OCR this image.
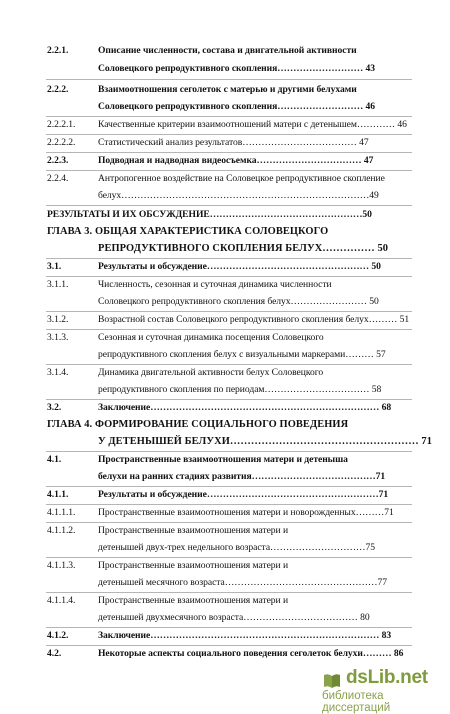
2.2.1.	Описание численности, состава и двигательной активности
Соловецкого репродуктивного скопления……………………… 43
2.2.2.	Взаимоотношения сеголеток с матерью и другими белухами
Соловецкого репродуктивного скопления……………………… 46
2.2.2.1. Качественные критерии взаимоотношений матери с детенышем………… 46
2.2.2.2. Статистический анализ результатов……………………………… 47
2.2.3.	Подводная и надводная видеосъемка…………………………… 47
2.2.4.	Антропогенное воздействие на Соловецкое репродуктивное скопление
белух……………………………………………………………………49
РЕЗУЛЬТАТЫ И ИХ ОБСУЖДЕНИЕ…………………………………………50
ГЛАВА 3. ОБЩАЯ ХАРАКТЕРИСТИКА СОЛОВЕЦКОГО
РЕПРОДУКТИВНОГО СКОПЛЕНИЯ БЕЛУХ…………… 50
3.1.	Результаты и обсуждение…………………………………………… 50
3.1.1.	Численность, сезонная и суточная динамика численности
Соловецкого репродуктивного скопления белух…………………… 50
3.1.2.	Возрастной состав Соловецкого репродуктивного скопления белух……… 51
3.1.3.	Сезонная и суточная динамика посещения Соловецкого
репродуктивного скопления белух с визуальными маркерами……… 57
3.1.4.	Динамика двигательной активности белух Соловецкого
репродуктивного скопления по периодам…………………………… 58
3.2.	Заключение……………………………………………………………… 68
ГЛАВА 4. ФОРМИРОВАНИЕ СОЦИАЛЬНОГО ПОВЕДЕНИЯ
У ДЕТЕНЫШЕЙ БЕЛУХИ……………………………………………… 71
4.1.	Пространственные взаимоотношения матери и детеныша
белухи на ранних стадиях развития…………………………………71
4.1.1.	Результаты и обсуждение………………………………………………71
4.1.1.1. Пространственные взаимоотношения матери и новорожденных………71
4.1.1.2. Пространственные взаимоотношения матери и
детенышей двух-трех недельного возраста…………………………75
4.1.1.3. Пространственные взаимоотношения матери и
детенышей месячного возраста…………………………………………77
4.1.1.4. Пространственные взаимоотношения матери и
детенышей двухмесячного возраста……………………………… 80
4.1.2.	Заключение……………………………………………………………… 83
4.2.	Некоторые аспекты социального поведения сеголеток белухи……… 86
dsLib.net
библиотека диссертаций
